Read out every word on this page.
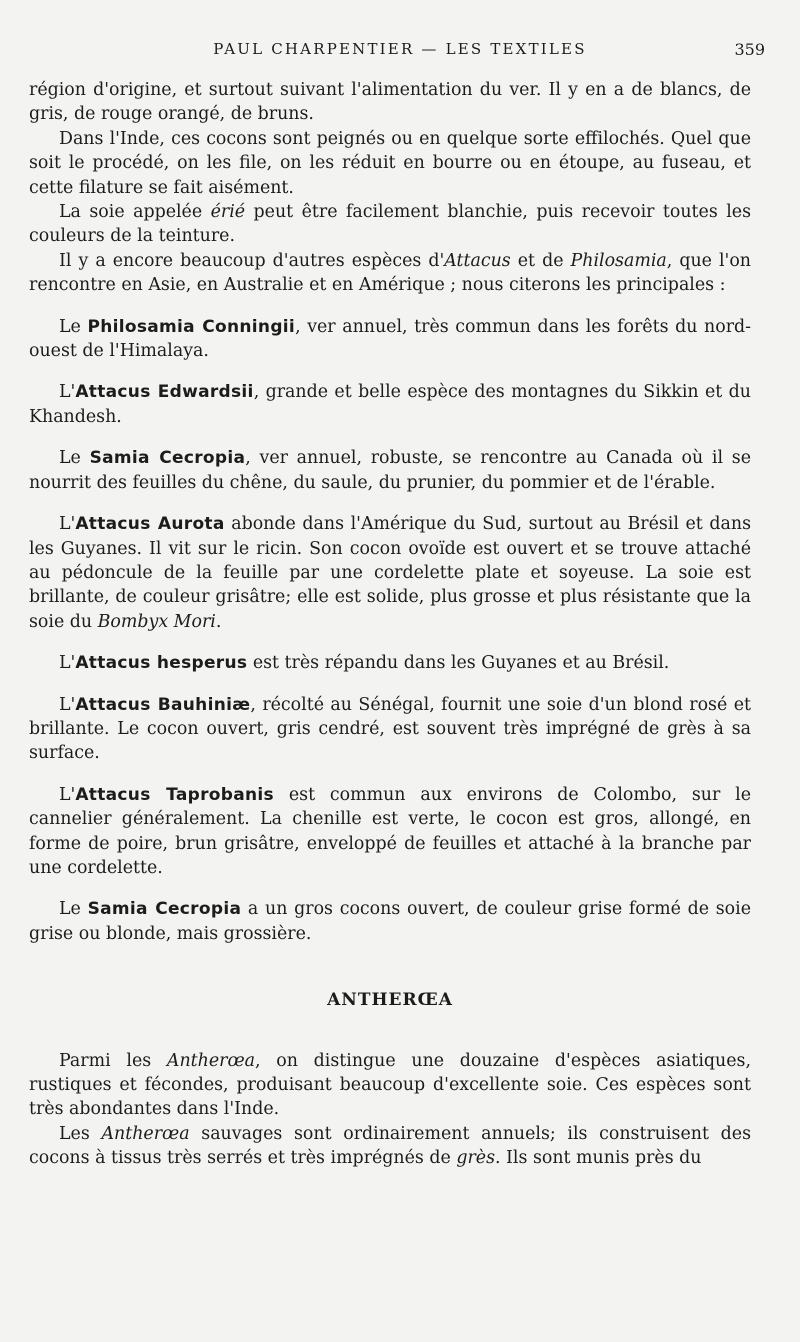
PAUL CHARPENTIER — LES TEXTILES	359

région d'origine, et surtout suivant l'alimentation du ver. Il y en a de blancs, de gris, de rouge orangé, de bruns.

Dans l'Inde, ces cocons sont peignés ou en quelque sorte effilochés. Quel que soit le procédé, on les file, on les réduit en bourre ou en étoupe, au fuseau, et cette filature se fait aisément.

La soie appelée érié peut être facilement blanchie, puis recevoir toutes les couleurs de la teinture.

Il y a encore beaucoup d'autres espèces d'Attacus et de Philosamia, que l'on rencontre en Asie, en Australie et en Amérique ; nous citerons les principales :

Le Philosamia Conningii, ver annuel, très commun dans les forêts du nord-ouest de l'Himalaya.

L'Attacus Edwardsii, grande et belle espèce des montagnes du Sikkin et du Khandesh.

Le Samia Cecropia, ver annuel, robuste, se rencontre au Canada où il se nourrit des feuilles du chêne, du saule, du prunier, du pommier et de l'érable.

L'Attacus Aurota abonde dans l'Amérique du Sud, surtout au Brésil et dans les Guyanes. Il vit sur le ricin. Son cocon ovoïde est ouvert et se trouve attaché au pédoncule de la feuille par une cordelette plate et soyeuse. La soie est brillante, de couleur grisâtre; elle est solide, plus grosse et plus résistante que la soie du Bombyx Mori.

L'Attacus hesperus est très répandu dans les Guyanes et au Brésil.

L'Attacus Bauhiniæ, récolté au Sénégal, fournit une soie d'un blond rosé et brillante. Le cocon ouvert, gris cendré, est souvent très imprégné de grès à sa surface.

L'Attacus Taprobanis est commun aux environs de Colombo, sur le cannelier généralement. La chenille est verte, le cocon est gros, allongé, en forme de poire, brun grisâtre, enveloppé de feuilles et attaché à la branche par une cordelette.

Le Samia Cecropia a un gros cocons ouvert, de couleur grise formé de soie grise ou blonde, mais grossière.

ANTHERŒA

Parmi les Antherœa, on distingue une douzaine d'espèces asiatiques, rustiques et fécondes, produisant beaucoup d'excellente soie. Ces espèces sont très abondantes dans l'Inde.

Les Antherœa sauvages sont ordinairement annuels; ils construisent des cocons à tissus très serrés et très imprégnés de grès. Ils sont munis près du
